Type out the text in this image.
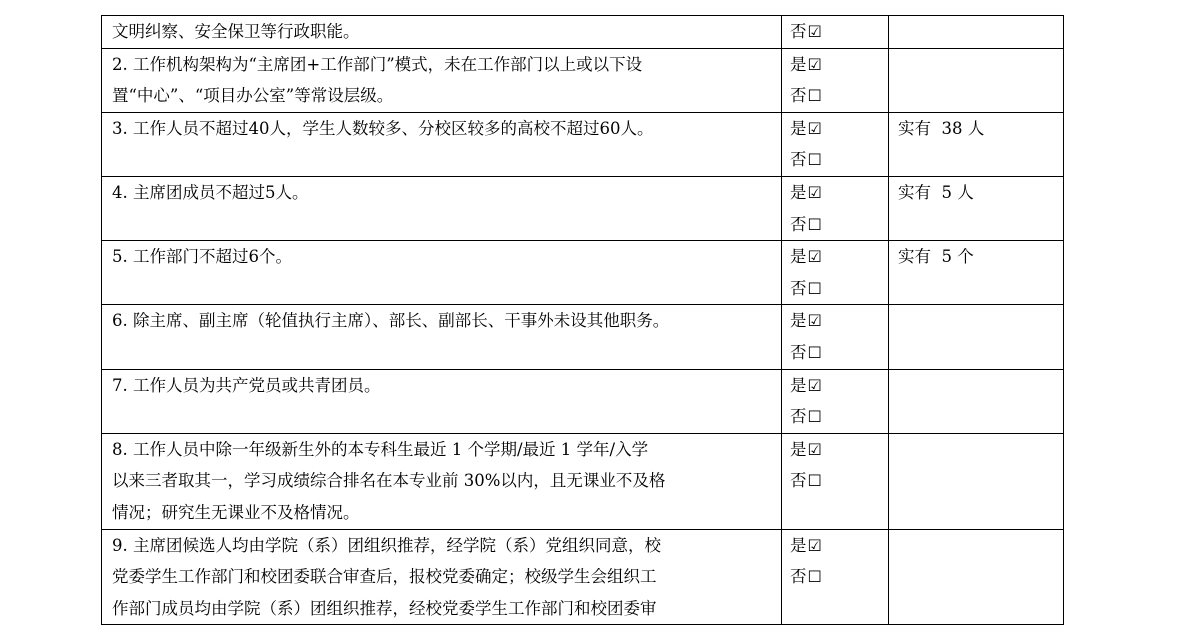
文明纠察、安全保卫等行政职能。	否☑	

2. 工作机构架构为“主席团+工作部门”模式，未在工作部门以上或以下设
置“中心”、“项目办公室”等常设层级。	是☑
否☐	

3. 工作人员不超过40人，学生人数较多、分校区较多的高校不超过60人。	是☑
否☐	实有  38 人

4. 主席团成员不超过5人。	是☑
否☐	实有  5 人

5. 工作部门不超过6个。	是☑
否☐	实有  5 个

6. 除主席、副主席（轮值执行主席）、部长、副部长、干事外未设其他职务。	是☑
否☐	

7. 工作人员为共产党员或共青团员。	是☑
否☐	

8. 工作人员中除一年级新生外的本专科生最近 1 个学期/最近 1 学年/入学
以来三者取其一，学习成绩综合排名在本专业前 30%以内，且无课业不及格
情况；研究生无课业不及格情况。	是☑
否☐	

9. 主席团候选人均由学院（系）团组织推荐，经学院（系）党组织同意，校
党委学生工作部门和校团委联合审查后，报校党委确定；校级学生会组织工
作部门成员均由学院（系）团组织推荐，经校党委学生工作部门和校团委审	是☑
否☐	
